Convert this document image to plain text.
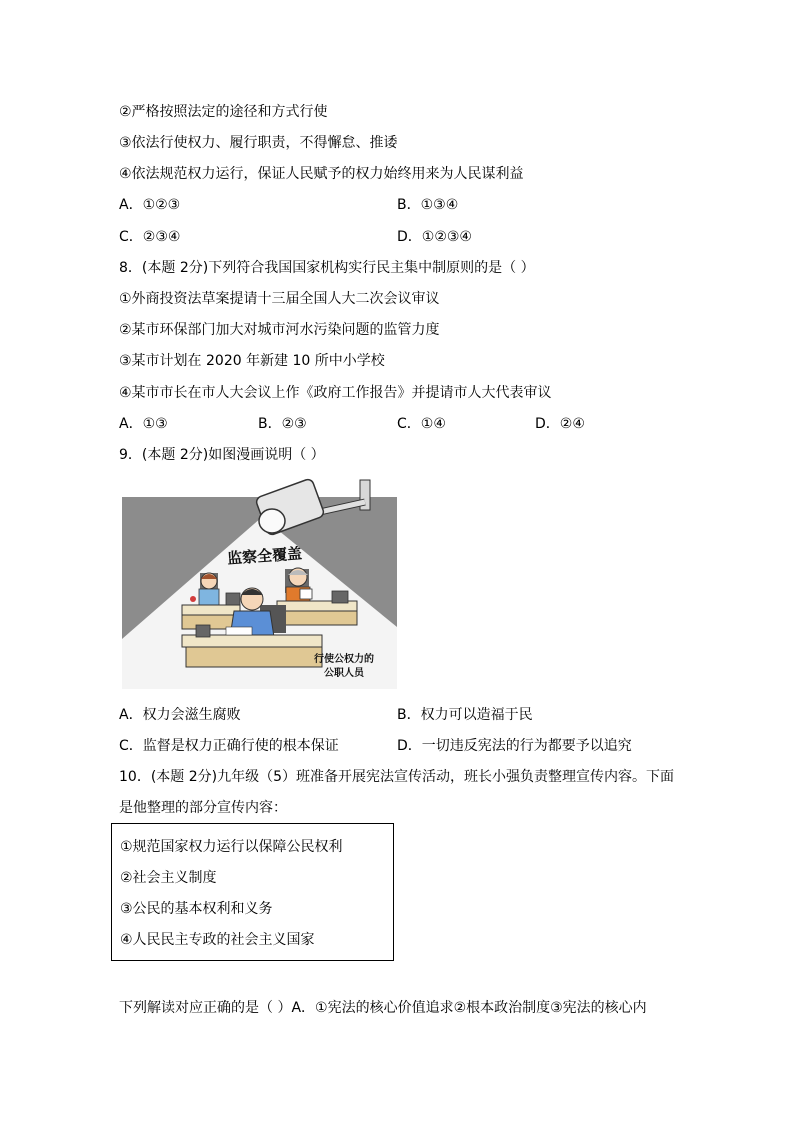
②严格按照法定的途径和方式行使
③依法行使权力、履行职责，不得懈怠、推诿
④依法规范权力运行，保证人民赋予的权力始终用来为人民谋利益
A．①②③	B．①③④
C．②③④	D．①②③④
8．(本题 2分)下列符合我国国家机构实行民主集中制原则的是（ ）
①外商投资法草案提请十三届全国人大二次会议审议
②某市环保部门加大对城市河水污染问题的监管力度
③某市计划在 2020 年新建 10 所中小学校
④某市市长在市人大会议上作《政府工作报告》并提请市人大代表审议
A．①③	B．②③	C．①④	D．②④
9．(本题 2分)如图漫画说明（ ）
监察全覆盖
行使公权力的
公职人员
A．权力会滋生腐败	B．权力可以造福于民
C．监督是权力正确行使的根本保证	D．一切违反宪法的行为都要予以追究
10．(本题 2分)九年级（5）班准备开展宪法宣传活动，班长小强负责整理宣传内容。下面
是他整理的部分宣传内容：
①规范国家权力运行以保障公民权利
②社会主义制度
③公民的基本权利和义务
④人民民主专政的社会主义国家
下列解读对应正确的是（ ）A．①宪法的核心价值追求②根本政治制度③宪法的核心内
